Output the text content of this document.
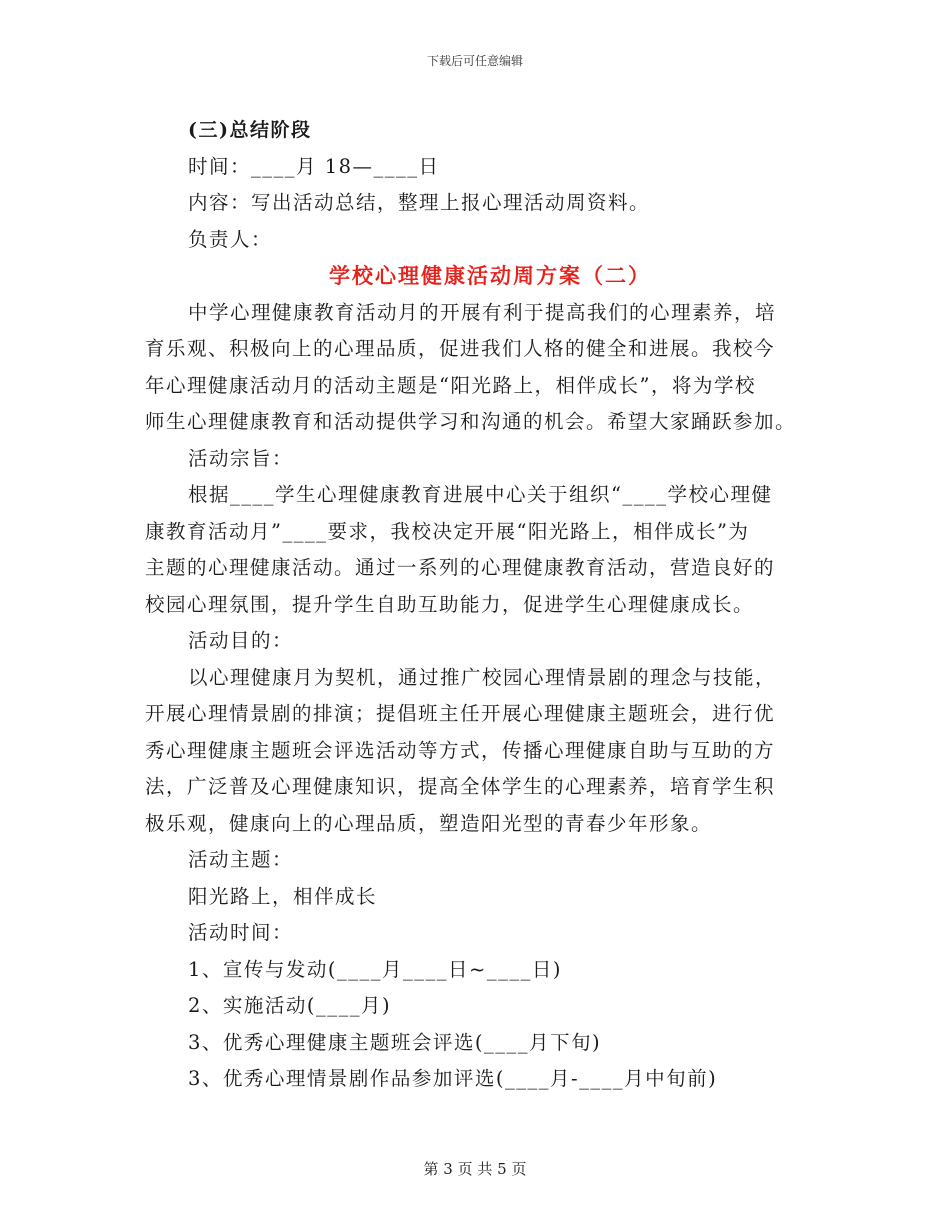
下载后可任意编辑
(三)总结阶段
时间：____月 18—____日
内容：写出活动总结，整理上报心理活动周资料。
负责人：
学校心理健康活动周方案（二）
中学心理健康教育活动月的开展有利于提高我们的心理素养，培
育乐观、积极向上的心理品质，促进我们人格的健全和进展。我校今
年心理健康活动月的活动主题是“阳光路上，相伴成长”，将为学校
师生心理健康教育和活动提供学习和沟通的机会。希望大家踊跃参加。
活动宗旨：
根据____学生心理健康教育进展中心关于组织“____学校心理健
康教育活动月”____要求，我校决定开展“阳光路上，相伴成长”为
主题的心理健康活动。通过一系列的心理健康教育活动，营造良好的
校园心理氛围，提升学生自助互助能力，促进学生心理健康成长。
活动目的：
以心理健康月为契机，通过推广校园心理情景剧的理念与技能，
开展心理情景剧的排演；提倡班主任开展心理健康主题班会，进行优
秀心理健康主题班会评选活动等方式，传播心理健康自助与互助的方
法，广泛普及心理健康知识，提高全体学生的心理素养，培育学生积
极乐观，健康向上的心理品质，塑造阳光型的青春少年形象。
活动主题：
阳光路上，相伴成长
活动时间：
1、宣传与发动(____月____日~____日)
2、实施活动(____月)
3、优秀心理健康主题班会评选(____月下旬)
3、优秀心理情景剧作品参加评选(____月-____月中旬前)
第 3 页 共 5 页
